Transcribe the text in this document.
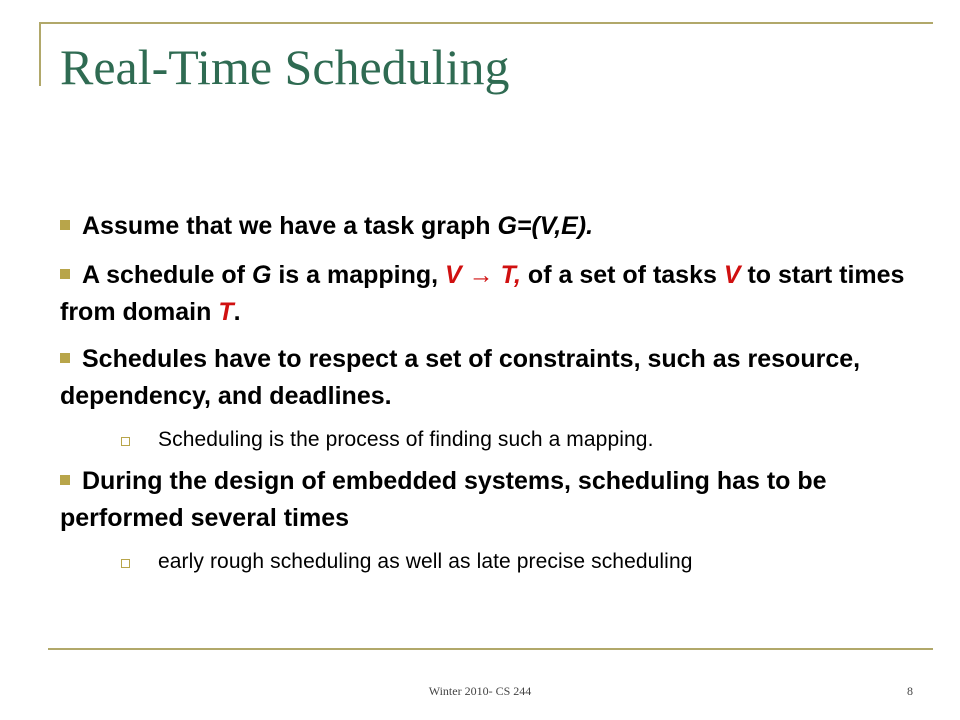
Real-Time Scheduling
Assume that we have a task graph G=(V,E).
A schedule of G is a mapping, V → T, of a set of tasks V to start times from domain T.
Schedules have to respect a set of constraints, such as resource, dependency, and deadlines.
Scheduling is the process of finding such a mapping.
During the design of embedded systems, scheduling has to be performed several times
early rough scheduling as well as late precise scheduling
Winter 2010- CS 244	8
